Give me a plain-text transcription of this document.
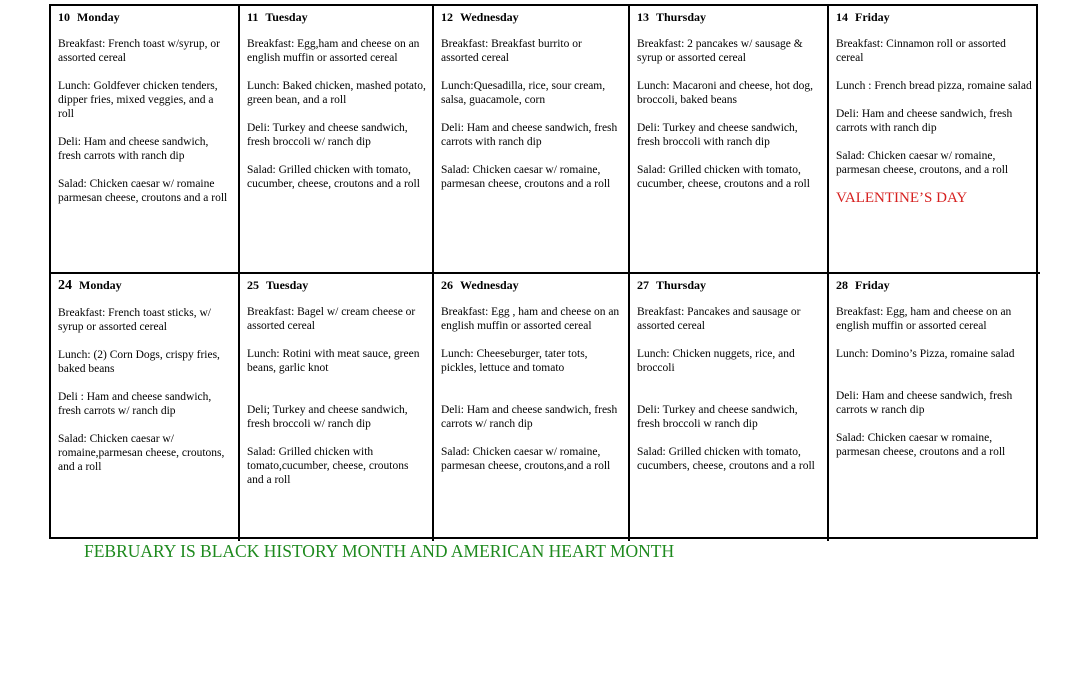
10 Monday
Breakfast: French toast w/syrup, or assorted cereal
Lunch: Goldfever chicken tenders, dipper fries, mixed veggies, and a roll
Deli: Ham and cheese sandwich, fresh carrots with ranch dip
Salad: Chicken caesar w/ romaine parmesan cheese, croutons and a roll
11 Tuesday
Breakfast: Egg,ham and cheese on an english muffin or assorted cereal
Lunch: Baked chicken, mashed potato, green bean, and a roll
Deli: Turkey and cheese sandwich, fresh broccoli w/ ranch dip
Salad: Grilled chicken with tomato, cucumber, cheese, croutons and a roll
12 Wednesday
Breakfast: Breakfast burrito or assorted cereal
Lunch:Quesadilla, rice, sour cream, salsa, guacamole, corn
Deli: Ham and cheese sandwich, fresh carrots with ranch dip
Salad: Chicken caesar w/ romaine, parmesan cheese, croutons and a roll
13 Thursday
Breakfast: 2 pancakes w/ sausage & syrup or assorted cereal
Lunch: Macaroni and cheese, hot dog, broccoli, baked beans
Deli: Turkey and cheese sandwich, fresh broccoli with ranch dip
Salad: Grilled chicken with tomato, cucumber, cheese, croutons and a roll
14 Friday
Breakfast: Cinnamon roll or assorted cereal
Lunch : French bread pizza, romaine salad
Deli: Ham and cheese sandwich, fresh carrots with ranch dip
Salad: Chicken caesar w/ romaine, parmesan cheese, croutons, and a roll
VALENTINE’S DAY
24 Monday
Breakfast: French toast sticks, w/ syrup or assorted cereal
Lunch: (2) Corn Dogs, crispy fries, baked beans
Deli : Ham and cheese sandwich, fresh carrots w/ ranch dip
Salad: Chicken caesar w/ romaine,parmesan cheese, croutons, and a roll
25 Tuesday
Breakfast: Bagel w/ cream cheese or assorted cereal
Lunch: Rotini with meat sauce, green beans, garlic knot
Deli; Turkey and cheese sandwich, fresh broccoli w/ ranch dip
Salad: Grilled chicken with tomato,cucumber, cheese, croutons and a roll
26 Wednesday
Breakfast: Egg , ham and cheese on an english muffin or assorted cereal
Lunch: Cheeseburger, tater tots, pickles, lettuce and tomato
Deli: Ham and cheese sandwich, fresh carrots w/ ranch dip
Salad: Chicken caesar w/ romaine, parmesan cheese, croutons,and a roll
27 Thursday
Breakfast: Pancakes and sausage or assorted cereal
Lunch: Chicken nuggets, rice, and broccoli
Deli: Turkey and cheese sandwich, fresh broccoli w ranch dip
Salad: Grilled chicken with tomato, cucumbers, cheese, croutons and a roll
28 Friday
Breakfast: Egg, ham and cheese on an english muffin or assorted cereal
Lunch: Domino’s Pizza, romaine salad
Deli: Ham and cheese sandwich, fresh carrots w ranch dip
Salad: Chicken caesar w romaine, parmesan cheese, croutons and a roll
FEBRUARY IS BLACK HISTORY MONTH AND AMERICAN HEART MONTH
